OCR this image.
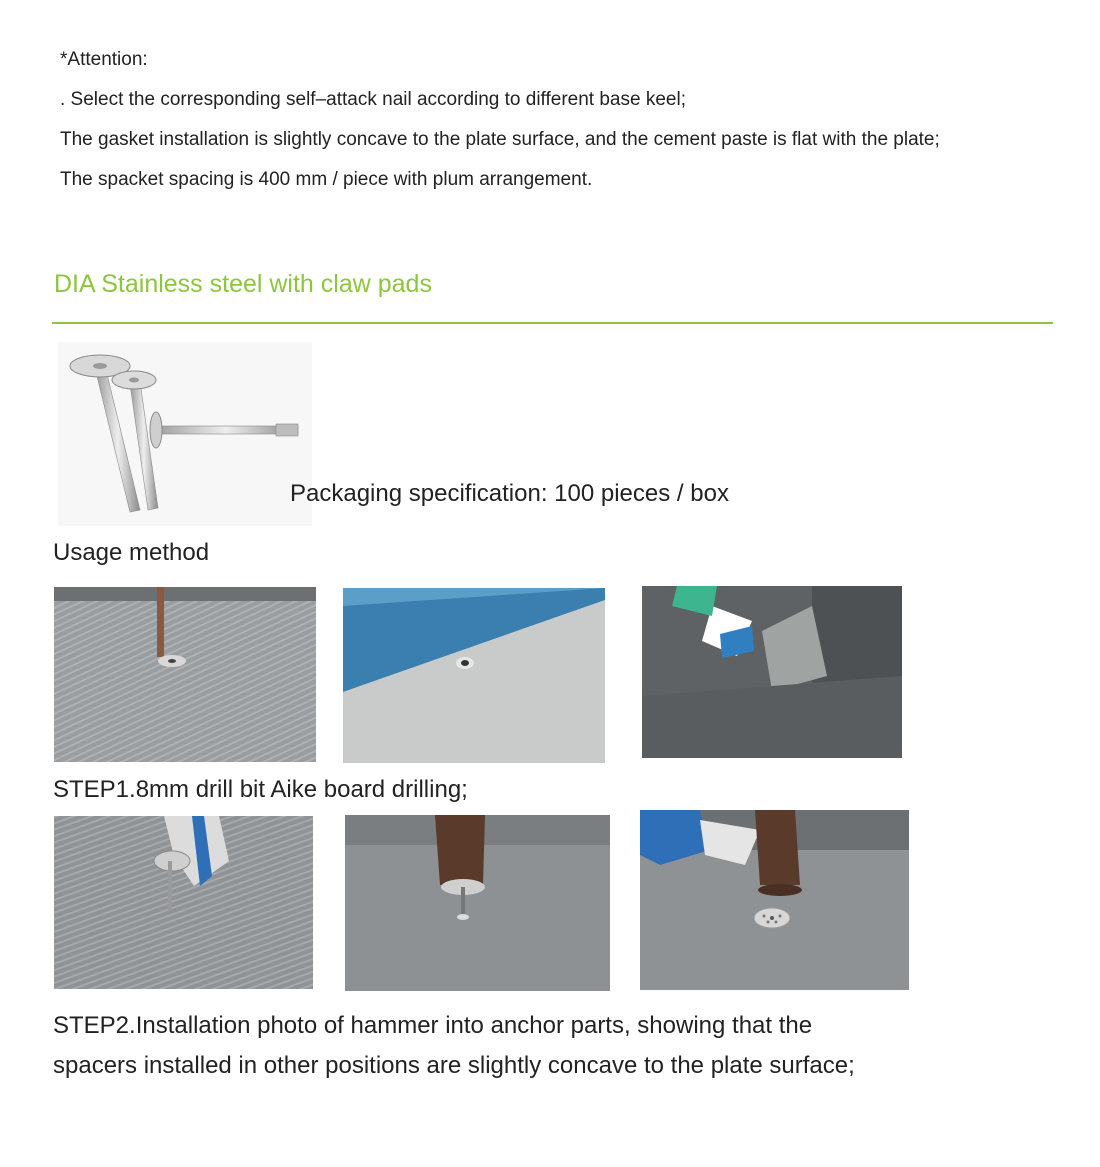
*Attention:
. Select the corresponding self–attack nail according to different base keel;
The gasket installation is slightly concave to the plate surface, and the cement paste is flat with the plate;
The spacket spacing is 400 mm / piece with plum arrangement.
DIA Stainless steel with claw pads
Packaging specification: 100 pieces / box
Usage method
STEP1.8mm drill bit Aike board drilling;
STEP2.Installation photo of hammer into anchor parts, showing that the
spacers installed in other positions are slightly concave to the plate surface;
